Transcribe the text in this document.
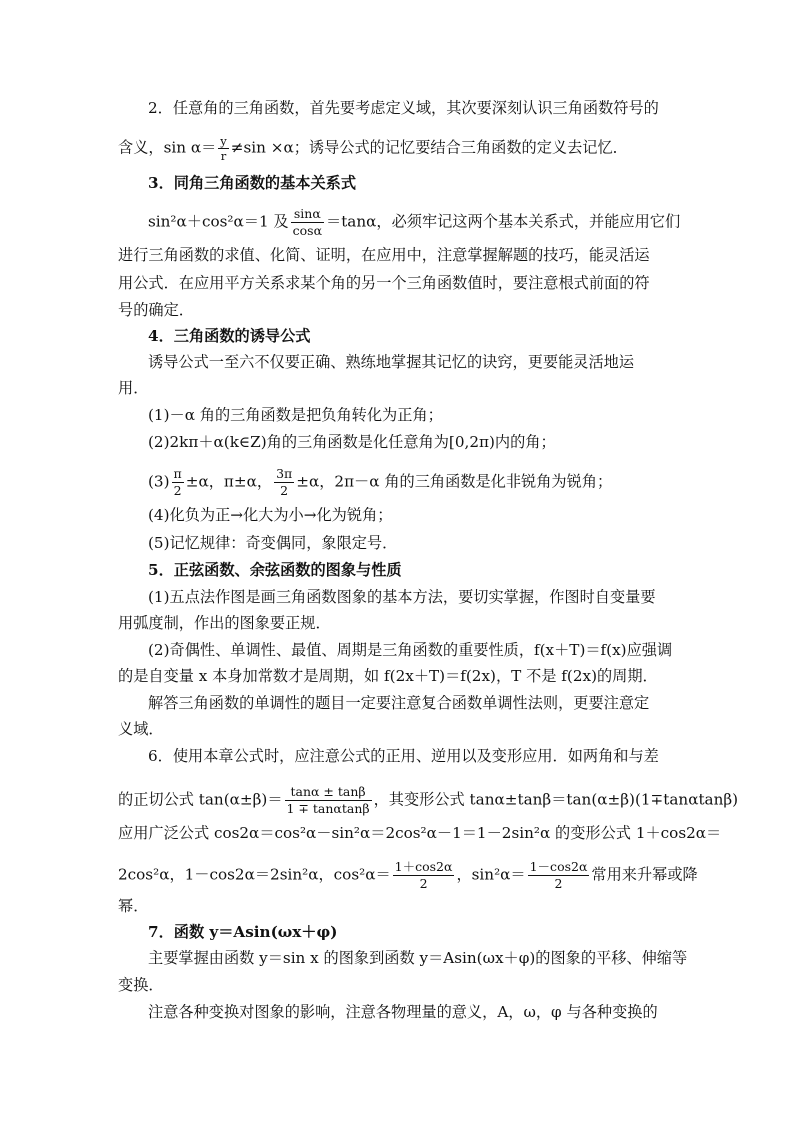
2．任意角的三角函数，首先要考虑定义域，其次要深刻认识三角函数符号的
含义，$\sin \alpha= \frac{y}{r} \ne\sin \times\alpha$；诱导公式的记忆要结合三角函数的定义去记忆．
3．同角三角函数的基本关系式
sin²α＋cos²α＝1 及 $\frac{\sin\alpha}{\cos\alpha} =\tan\alpha$，必须牢记这两个基本关系式，并能应用它们
进行三角函数的求值、化简、证明，在应用中，注意掌握解题的技巧，能灵活运
用公式．在应用平方关系求某个角的另一个三角函数值时，要注意根式前面的符
号的确定．
4．三角函数的诱导公式
诱导公式一至六不仅要正确、熟练地掌握其记忆的诀窍，更要能灵活地运
用．
(1)－α 角的三角函数是把负角转化为正角；
(2)2kπ＋α(k∈Z)角的三角函数是化任意角为[0,2π)内的角；
$(3) \frac{\pi}{2} \pm\alpha$，π±α， $\frac{3\pi}{2} \pm\alpha$，2π－α 角的三角函数是化非锐角为锐角；
(4)化负为正→化大为小→化为锐角；
(5)记忆规律：奇变偶同，象限定号．
5．正弦函数、余弦函数的图象与性质
(1)五点法作图是画三角函数图象的基本方法，要切实掌握，作图时自变量要
用弧度制，作出的图象要正规．
(2)奇偶性、单调性、最值、周期是三角函数的重要性质，f(x＋T)＝f(x)应强调
的是自变量 x 本身加常数才是周期，如 f(2x＋T)＝f(2x)，T 不是 f(2x)的周期．
解答三角函数的单调性的题目一定要注意复合函数单调性法则，更要注意定
义域．
6．使用本章公式时，应注意公式的正用、逆用以及变形应用．如两角和与差
的正切公式 $\tan(\alpha\pm\beta)= \frac{\tan\alpha \pm \tan\beta}{1 \mp \tan\alpha\tan\beta}$ ，其变形公式 tanα±tanβ＝tan(α±β)(1∓tanαtanβ)
应用广泛公式 cos2α＝cos²α－sin²α＝2cos²α－1＝1－2sin²α 的变形公式 1＋cos2α＝
2cos²α，1－cos2α＝2sin²α，$\cos^2\alpha= \frac{1+\cos 2\alpha}{2}$ ，$\sin^2\alpha= \frac{1-\cos 2\alpha}{2}$ 常用来升幂或降
幂．
7．函数 y＝Asin(ωx＋φ)
主要掌握由函数 y＝sin x 的图象到函数 y＝Asin(ωx＋φ)的图象的平移、伸缩等
变换．
注意各种变换对图象的影响，注意各物理量的意义，A，ω，φ 与各种变换的
